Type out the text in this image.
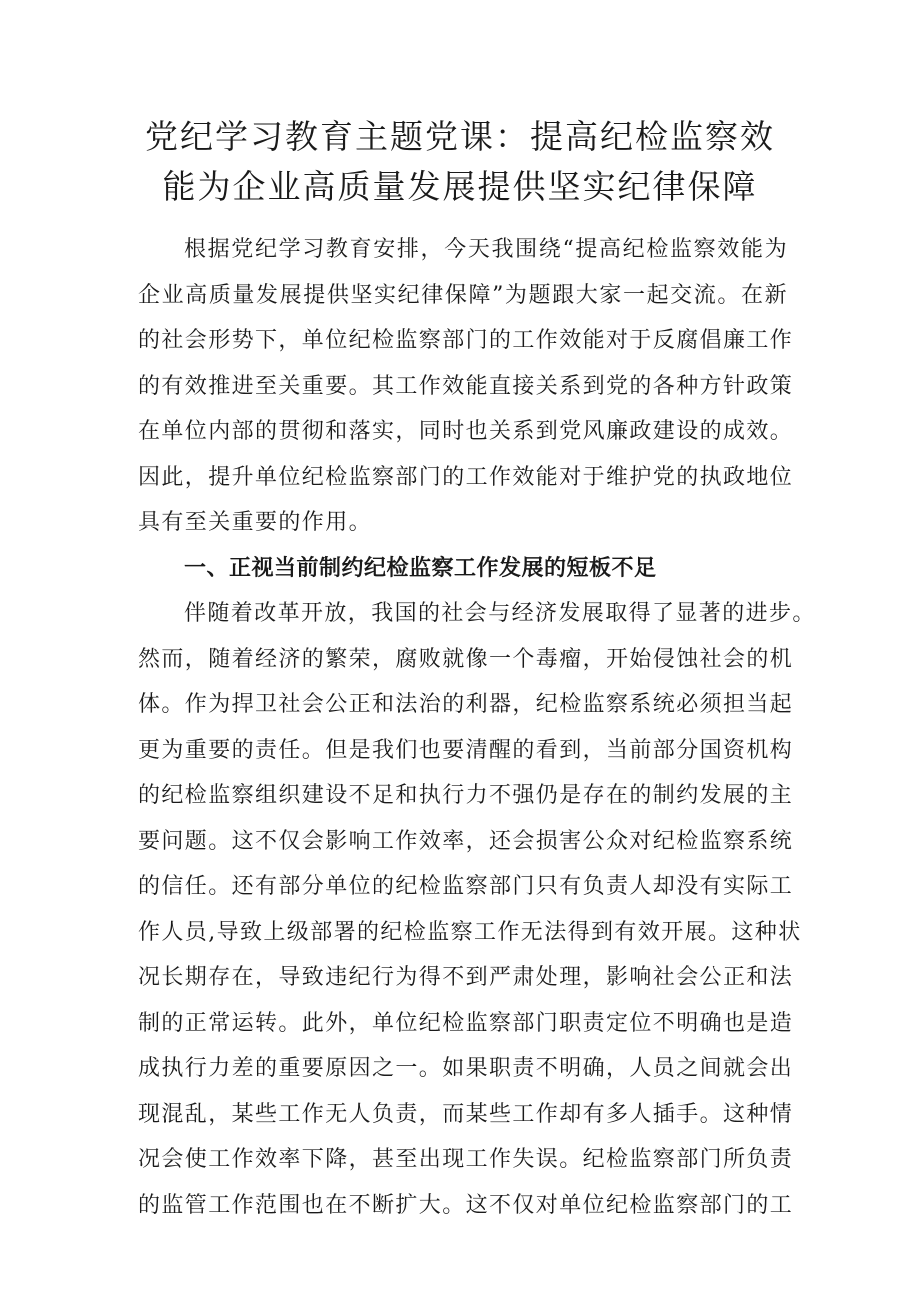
党纪学习教育主题党课：提高纪检监察效
能为企业高质量发展提供坚实纪律保障
根据党纪学习教育安排，今天我围绕“提高纪检监察效能为
企业高质量发展提供坚实纪律保障”为题跟大家一起交流。在新
的社会形势下，单位纪检监察部门的工作效能对于反腐倡廉工作
的有效推进至关重要。其工作效能直接关系到党的各种方针政策
在单位内部的贯彻和落实，同时也关系到党风廉政建设的成效。
因此，提升单位纪检监察部门的工作效能对于维护党的执政地位
具有至关重要的作用。
一、正视当前制约纪检监察工作发展的短板不足
伴随着改革开放，我国的社会与经济发展取得了显著的进步。
然而，随着经济的繁荣，腐败就像一个毒瘤，开始侵蚀社会的机
体。作为捍卫社会公正和法治的利器，纪检监察系统必须担当起
更为重要的责任。但是我们也要清醒的看到，当前部分国资机构
的纪检监察组织建设不足和执行力不强仍是存在的制约发展的主
要问题。这不仅会影响工作效率，还会损害公众对纪检监察系统
的信任。还有部分单位的纪检监察部门只有负责人却没有实际工
作人员,导致上级部署的纪检监察工作无法得到有效开展。这种状
况长期存在，导致违纪行为得不到严肃处理，影响社会公正和法
制的正常运转。此外，单位纪检监察部门职责定位不明确也是造
成执行力差的重要原因之一。如果职责不明确，人员之间就会出
现混乱，某些工作无人负责，而某些工作却有多人插手。这种情
况会使工作效率下降，甚至出现工作失误。纪检监察部门所负责
的监管工作范围也在不断扩大。这不仅对单位纪检监察部门的工
